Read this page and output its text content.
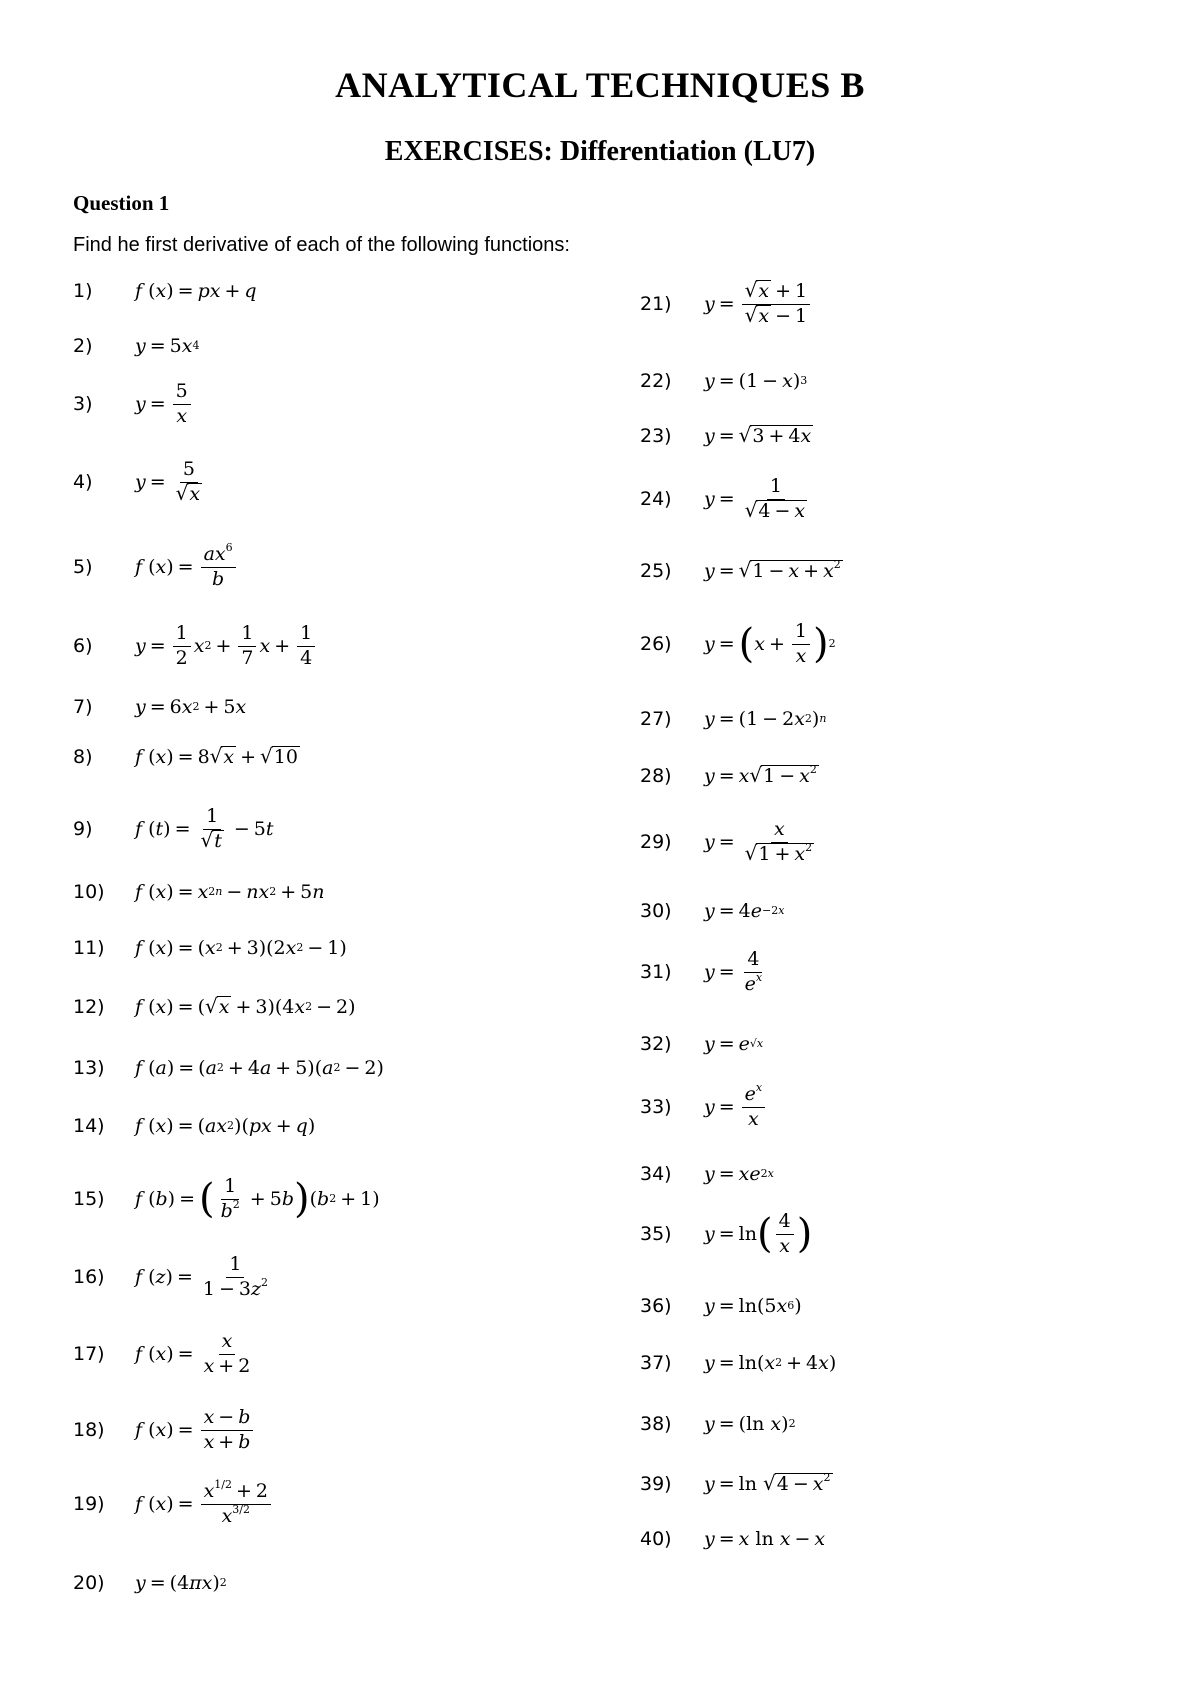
ANALYTICAL TECHNIQUES B
EXERCISES: Differentiation (LU7)
Question 1
Find he first derivative of each of the following functions:
1)	f ( x ) = px + q
2)	y = 5 x 4
3)	$y = \frac{5}{x}$
4)	$y = \frac{5}{√ x}$
5)	f ( x ) = $\frac{ax^6}{b}$
6)	$y = \frac{1}{2}$ x $2 + \frac{1}{7}$ $x + \frac{1}{4}$
7)	y = 6 x 2 + 5 x
8)	f ( x ) = 8 √ x + √ 10
9)	f ( t ) = $\frac{1}{√ t} - 5$ t
10)	f ( x ) = x 2n − nx 2 + 5 n
11)	f ( x ) = ( x 2 + 3)(2 x 2 − 1)
12)	f ( x ) = ( √ x + 3)(4 x 2 − 2)
13)	f ( a ) = ( a 2 + 4 a + 5)( a 2 − 2)
14)	f ( x ) = ( ax 2 )( px + q )
15)	f ( b ) = ( $\frac{1}{b^2} + 5$ b ) ( b 2 + 1)
16)	f ( z ) = $\frac{1}{1 - 3z^2}$
17)	f ( x ) = $\frac{x}{x + 2}$
18)	f ( x ) = $\frac{x - b}{x + b}$
19)	f ( x ) = $\frac{x^{1/2} + 2}{x^{3/2}}$
20)	y = (4 πx ) 2
21)	$y = \frac{√ x + 1}{√ x - 1}$
22)	y = (1 − x ) 3
23)	y = √ 3 + 4x
24)	$y = \frac{1}{√ 4 - x}$
25)	y = √ $1 - x + x^2$
26)	y = ( $x + \frac{1}{x}$ ) 2
27)	y = (1 − 2 x 2 ) n
28)	y = x √ $1 - x^2$
29)	$y = \frac{x}{√ 1 + x^2}$
30)	y = 4 e −2x
31)	$y = \frac{4}{e^x}$
32)	y = e √x
33)	$y = \frac{e^x}{x}$
34)	y = xe 2x
35)	y = ln ( $\frac{4}{x}$ )
36)	y = ln(5 x 6 )
37)	y = ln( x 2 + 4 x )
38)	y = (ln x ) 2
39)	y = ln √ $4 - x^2$
40)	y = x ln x − x
